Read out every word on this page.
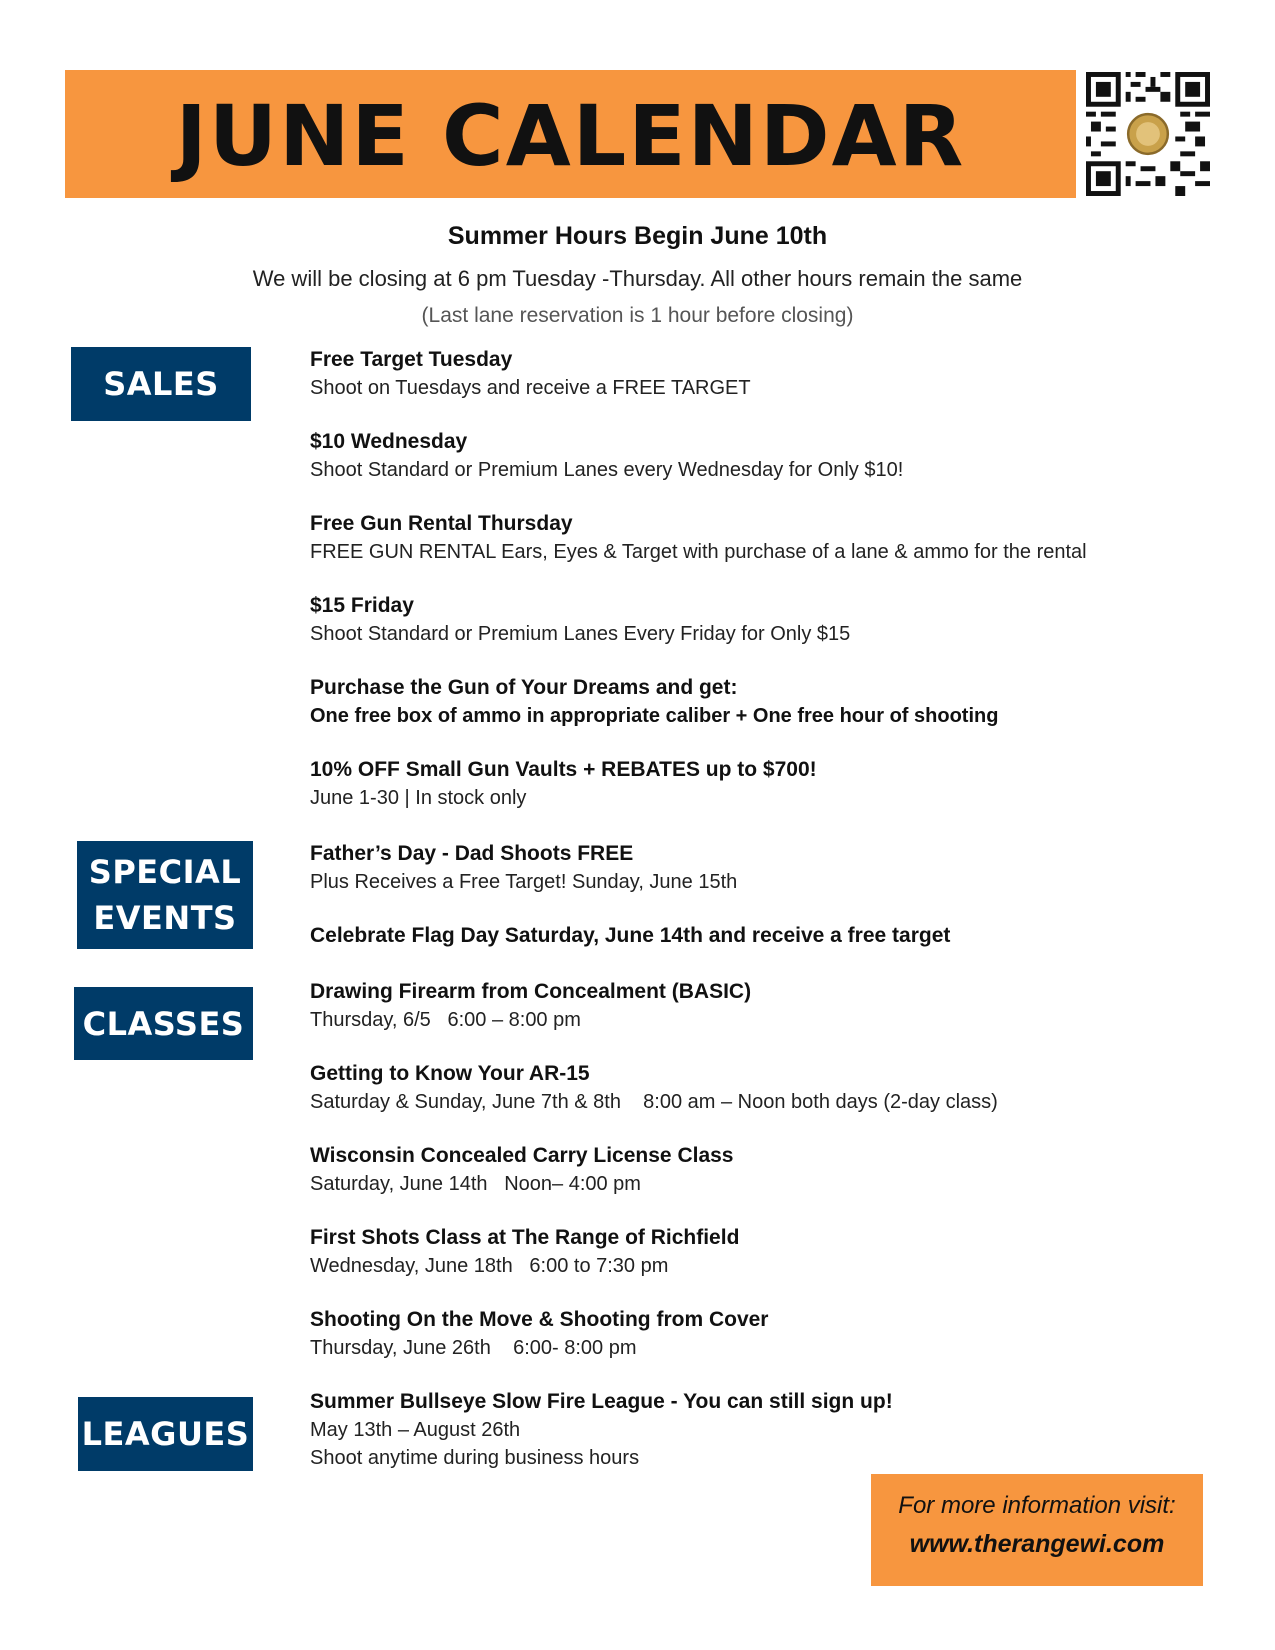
JUNE CALENDAR
Summer Hours Begin June 10th
We will be closing at 6 pm Tuesday -Thursday. All other hours remain the same
(Last lane reservation is 1 hour before closing)
SALES
Free Target Tuesday
Shoot on Tuesdays and receive a FREE TARGET
$10 Wednesday
Shoot Standard or Premium Lanes every Wednesday for Only $10!
Free Gun Rental Thursday
FREE GUN RENTAL Ears, Eyes & Target with purchase of a lane & ammo for the rental
$15 Friday
Shoot Standard or Premium Lanes Every Friday for Only $15
Purchase the Gun of Your Dreams and get:
One free box of ammo in appropriate caliber + One free hour of shooting
10% OFF Small Gun Vaults + REBATES up to $700!
June 1-30 | In stock only
SPECIAL
EVENTS
Father’s Day - Dad Shoots FREE
Plus Receives a Free Target! Sunday, June 15th
Celebrate Flag Day Saturday, June 14th and receive a free target
CLASSES
Drawing Firearm from Concealment (BASIC)
Thursday, 6/5   6:00 – 8:00 pm
Getting to Know Your AR-15
Saturday & Sunday, June 7th & 8th    8:00 am – Noon both days (2-day class)
Wisconsin Concealed Carry License Class
Saturday, June 14th   Noon– 4:00 pm
First Shots Class at The Range of Richfield
Wednesday, June 18th   6:00 to 7:30 pm
Shooting On the Move & Shooting from Cover
Thursday, June 26th    6:00- 8:00 pm
LEAGUES
Summer Bullseye Slow Fire League - You can still sign up!
May 13th – August 26th
Shoot anytime during business hours
For more information visit:
www.therangewi.com
